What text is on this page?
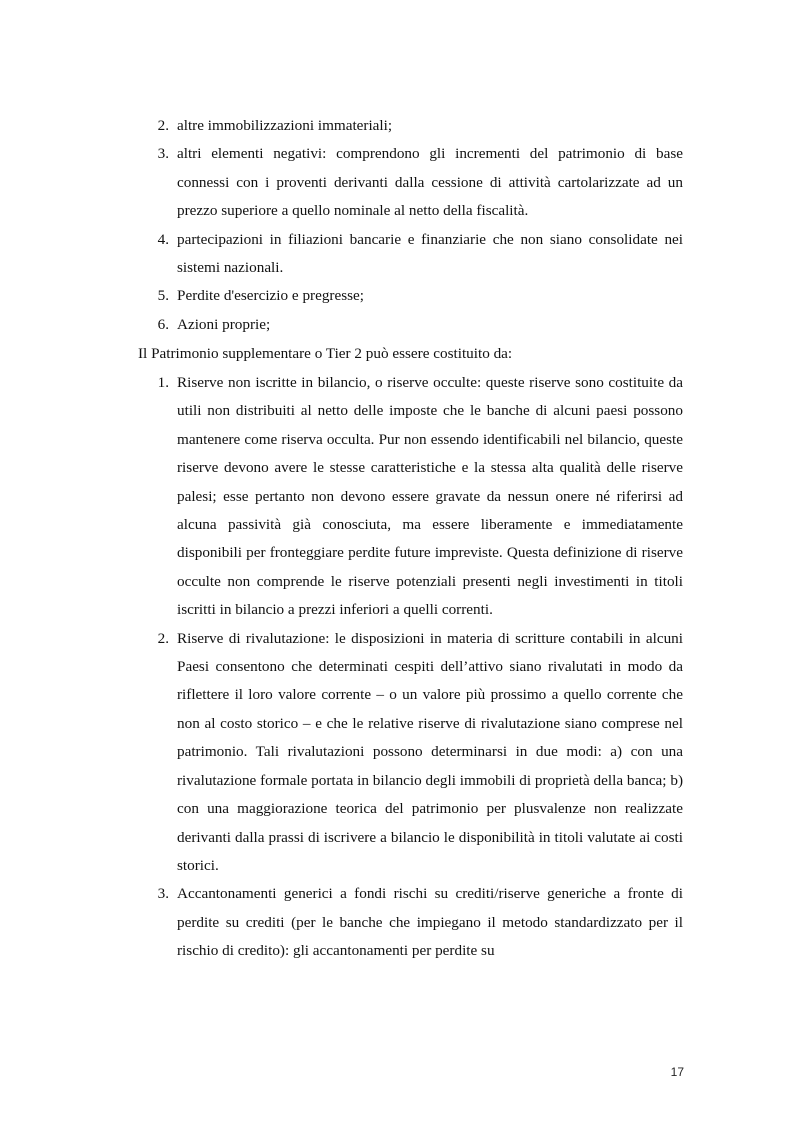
2. altre immobilizzazioni immateriali;
3. altri elementi negativi: comprendono gli incrementi del patrimonio di base connessi con i proventi derivanti dalla cessione di attività cartolarizzate ad un prezzo superiore a quello nominale al netto della fiscalità.
4. partecipazioni in filiazioni bancarie e finanziarie che non siano consolidate nei sistemi nazionali.
5. Perdite d'esercizio e pregresse;
6. Azioni proprie;

Il Patrimonio supplementare o Tier 2 può essere costituito da:

1. Riserve non iscritte in bilancio, o riserve occulte: queste riserve sono costituite da utili non distribuiti al netto delle imposte che le banche di alcuni paesi possono mantenere come riserva occulta. Pur non essendo identificabili nel bilancio, queste riserve devono avere le stesse caratteristiche e la stessa alta qualità delle riserve palesi; esse pertanto non devono essere gravate da nessun onere né riferirsi ad alcuna passività già conosciuta, ma essere liberamente e immediatamente disponibili per fronteggiare perdite future impreviste. Questa definizione di riserve occulte non comprende le riserve potenziali presenti negli investimenti in titoli iscritti in bilancio a prezzi inferiori a quelli correnti.
2. Riserve di rivalutazione: le disposizioni in materia di scritture contabili in alcuni Paesi consentono che determinati cespiti dell’attivo siano rivalutati in modo da riflettere il loro valore corrente – o un valore più prossimo a quello corrente che non al costo storico – e che le relative riserve di rivalutazione siano comprese nel patrimonio. Tali rivalutazioni possono determinarsi in due modi: a) con una rivalutazione formale portata in bilancio degli immobili di proprietà della banca; b) con una maggiorazione teorica del patrimonio per plusvalenze non realizzate derivanti dalla prassi di iscrivere a bilancio le disponibilità in titoli valutate ai costi storici.
3. Accantonamenti generici a fondi rischi su crediti/riserve generiche a fronte di perdite su crediti (per le banche che impiegano il metodo standardizzato per il rischio di credito): gli accantonamenti per perdite su
17
